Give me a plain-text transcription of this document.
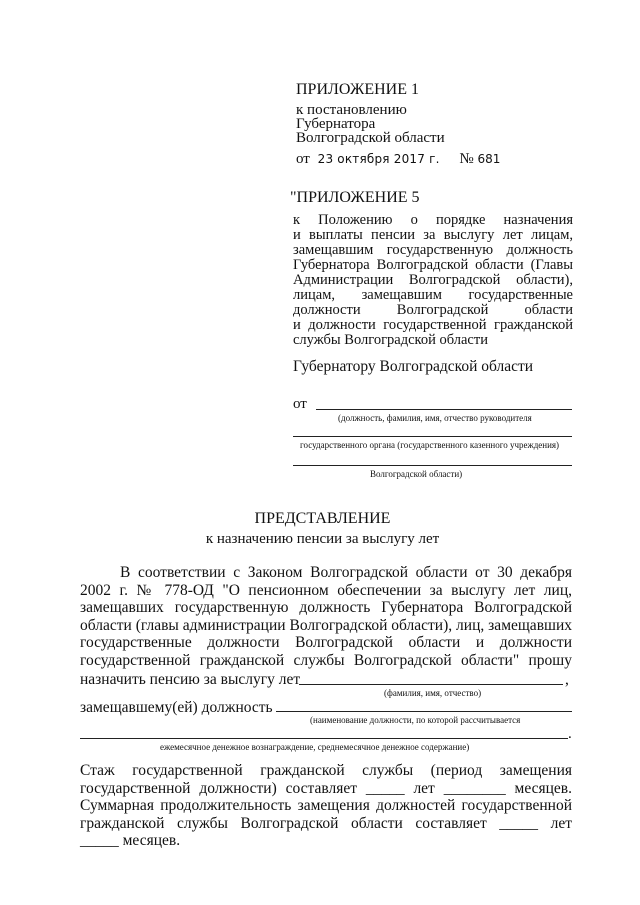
ПРИЛОЖЕНИЕ 1
к постановлению
Губернатора
Волгоградской области
от 23 октября 2017 г. № 681
"ПРИЛОЖЕНИЕ 5
к Положению о порядке назначения
и выплаты пенсии за выслугу лет лицам,
замещавшим государственную должность
Губернатора Волгоградской области (Главы
Администрации Волгоградской области),
лицам, замещавшим государственные
должности Волгоградской области
и должности государственной гражданской
службы Волгоградской области
Губернатору Волгоградской области
от
(должность, фамилия, имя, отчество руководителя
государственного органа (государственного казенного учреждения)
Волгоградской области)
ПРЕДСТАВЛЕНИЕ
к назначению пенсии за выслугу лет
В соответствии с Законом Волгоградской области от 30 декабря
2002 г. № 778-ОД "О пенсионном обеспечении за выслугу лет лиц,
замещавших государственную должность Губернатора Волгоградской
области (главы администрации Волгоградской области), лиц, замещавших
государственные должности Волгоградской области и должности
государственной гражданской службы Волгоградской области" прошу
назначить пенсию за выслугу лет	,
(фамилия, имя, отчество)
замещавшему(ей) должность
(наименование должности, по которой рассчитывается
.
ежемесячное денежное вознаграждение, среднемесячное денежное содержание)
Стаж государственной гражданской службы (период замещения
государственной должности) составляет _____ лет ________ месяцев.
Суммарная продолжительность замещения должностей государственной
гражданской службы Волгоградской области составляет _____ лет
_____ месяцев.
